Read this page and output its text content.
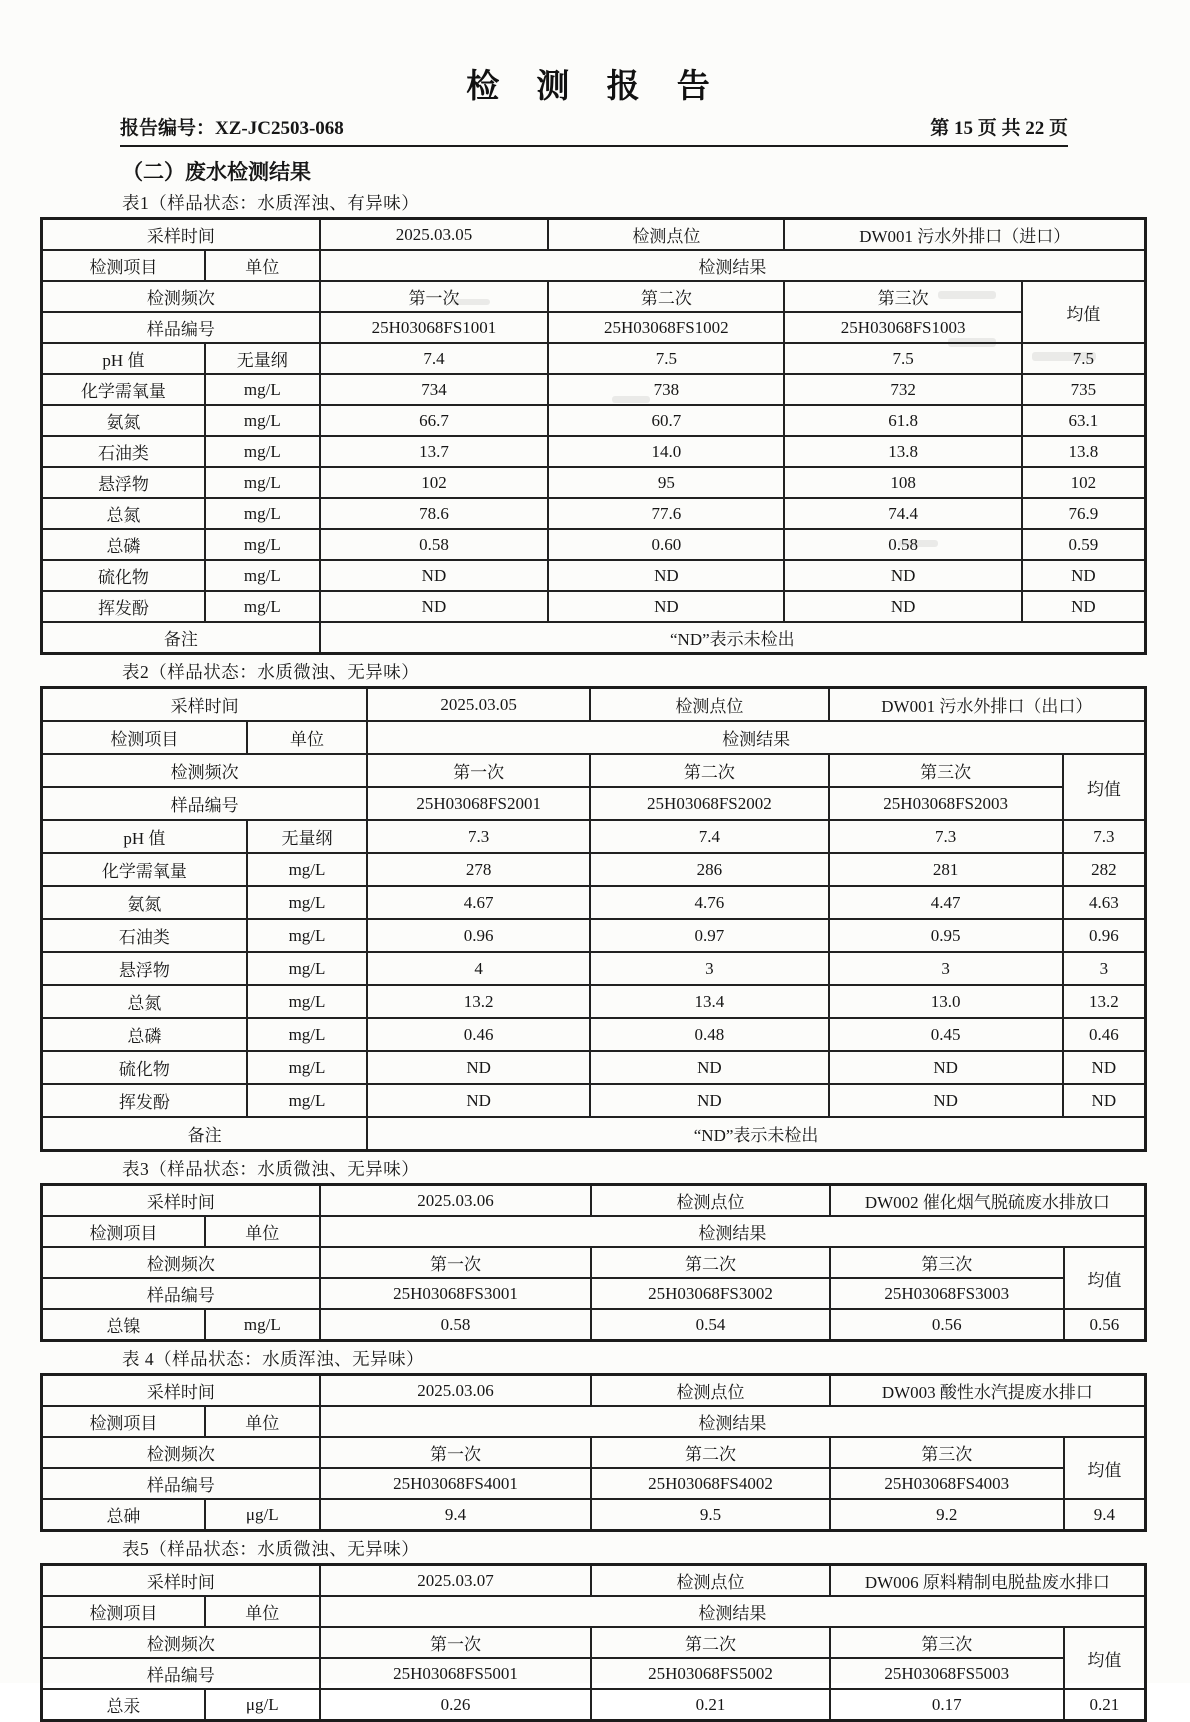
检 测 报 告
报告编号：XZ-JC2503-068	第 15 页 共 22 页
（二）废水检测结果
表1（样品状态：水质浑浊、有异味）
采样时间		2025.03.05	检测点位	DW001 污水外排口（进口）	
检测项目	单位	检测结果			
检测频次		第一次	第二次	第三次	均值
样品编号		25H03068FS1001	25H03068FS1002	25H03068FS1003	
pH 值	无量纲	7.4	7.5	7.5	7.5
化学需氧量	mg/L	734	738	732	735
氨氮	mg/L	66.7	60.7	61.8	63.1
石油类	mg/L	13.7	14.0	13.8	13.8
悬浮物	mg/L	102	95	108	102
总氮	mg/L	78.6	77.6	74.4	76.9
总磷	mg/L	0.58	0.60	0.58	0.59
硫化物	mg/L	ND	ND	ND	ND
挥发酚	mg/L	ND	ND	ND	ND
备注		“ND”表示未检出			
表2（样品状态：水质微浊、无异味）
采样时间		2025.03.05	检测点位	DW001 污水外排口（出口）	
检测项目	单位	检测结果			
检测频次		第一次	第二次	第三次	均值
样品编号		25H03068FS2001	25H03068FS2002	25H03068FS2003	
pH 值	无量纲	7.3	7.4	7.3	7.3
化学需氧量	mg/L	278	286	281	282
氨氮	mg/L	4.67	4.76	4.47	4.63
石油类	mg/L	0.96	0.97	0.95	0.96
悬浮物	mg/L	4	3	3	3
总氮	mg/L	13.2	13.4	13.0	13.2
总磷	mg/L	0.46	0.48	0.45	0.46
硫化物	mg/L	ND	ND	ND	ND
挥发酚	mg/L	ND	ND	ND	ND
备注		“ND”表示未检出			
表3（样品状态：水质微浊、无异味）
采样时间		2025.03.06	检测点位	DW002 催化烟气脱硫废水排放口	
检测项目	单位	检测结果			
检测频次		第一次	第二次	第三次	均值
样品编号		25H03068FS3001	25H03068FS3002	25H03068FS3003	
总镍	mg/L	0.58	0.54	0.56	0.56
表 4（样品状态：水质浑浊、无异味）
采样时间		2025.03.06	检测点位	DW003 酸性水汽提废水排口	
检测项目	单位	检测结果			
检测频次		第一次	第二次	第三次	均值
样品编号		25H03068FS4001	25H03068FS4002	25H03068FS4003	
总砷	μg/L	9.4	9.5	9.2	9.4
表5（样品状态：水质微浊、无异味）
采样时间		2025.03.07	检测点位	DW006 原料精制电脱盐废水排口	
检测项目	单位	检测结果			
检测频次		第一次	第二次	第三次	均值
样品编号		25H03068FS5001	25H03068FS5002	25H03068FS5003	
总汞	μg/L	0.26	0.21	0.17	0.21
